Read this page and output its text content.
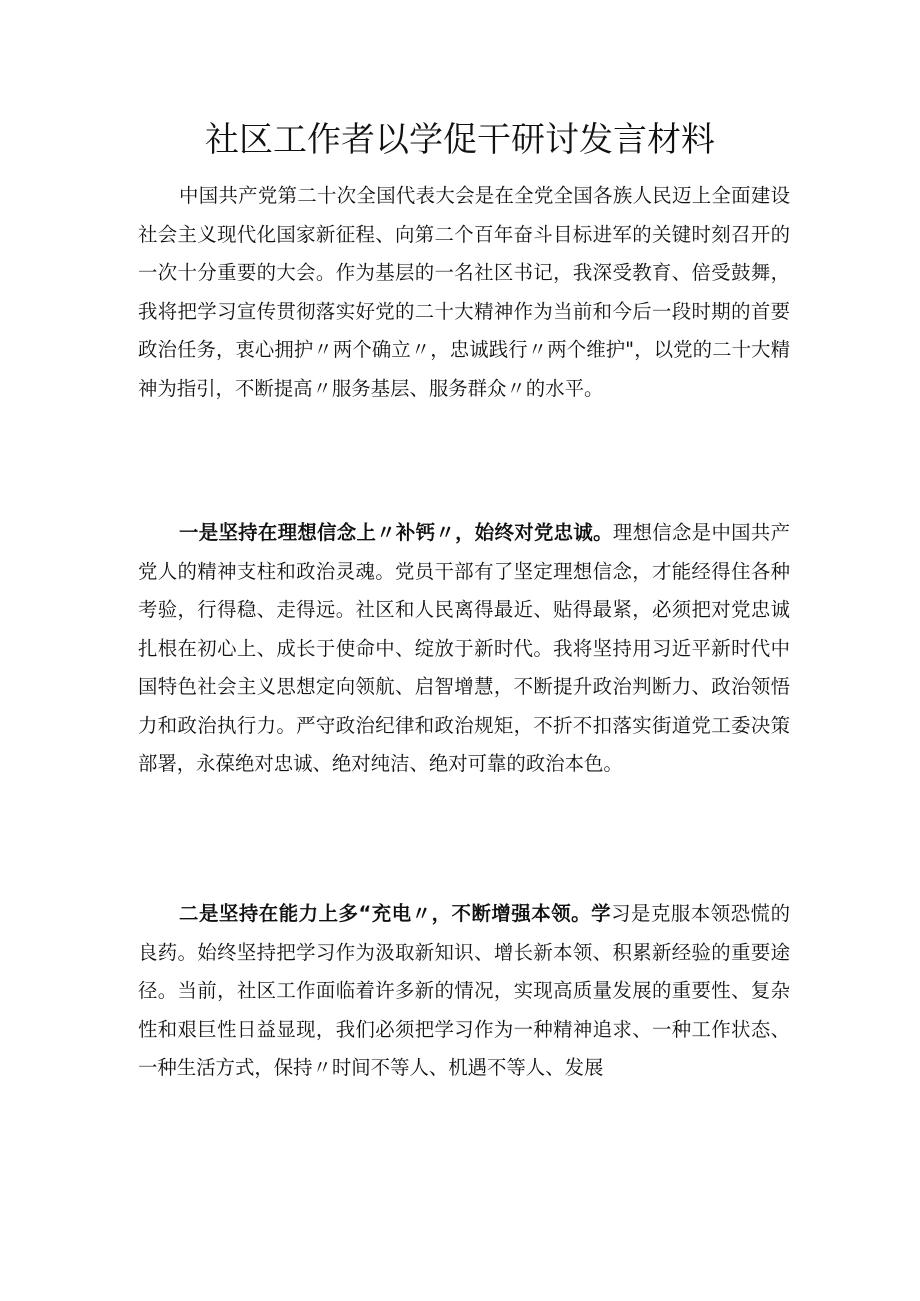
社区工作者以学促干研讨发言材料

中国共产党第二十次全国代表大会是在全党全国各族人民迈上全面建设社会主义现代化国家新征程、向第二个百年奋斗目标进军的关键时刻召开的一次十分重要的大会。作为基层的一名社区书记，我深受教育、倍受鼓舞，我将把学习宣传贯彻落实好党的二十大精神作为当前和今后一段时期的首要政治任务，衷心拥护〃两个确立〃，忠诚践行〃两个维护"，以党的二十大精神为指引，不断提高〃服务基层、服务群众〃的水平。

一是坚持在理想信念上〃补钙〃，始终对党忠诚。理想信念是中国共产党人的精神支柱和政治灵魂。党员干部有了坚定理想信念，才能经得住各种考验，行得稳、走得远。社区和人民离得最近、贴得最紧，必须把对党忠诚扎根在初心上、成长于使命中、绽放于新时代。我将坚持用习近平新时代中国特色社会主义思想定向领航、启智增慧，不断提升政治判断力、政治领悟力和政治执行力。严守政治纪律和政治规矩，不折不扣落实街道党工委决策部署，永葆绝对忠诚、绝对纯洁、绝对可靠的政治本色。

二是坚持在能力上多“充电〃，不断增强本领。学习是克服本领恐慌的良药。始终坚持把学习作为汲取新知识、增长新本领、积累新经验的重要途径。当前，社区工作面临着许多新的情况，实现高质量发展的重要性、复杂性和艰巨性日益显现，我们必须把学习作为一种精神追求、一种工作状态、一种生活方式，保持〃时间不等人、机遇不等人、发展
